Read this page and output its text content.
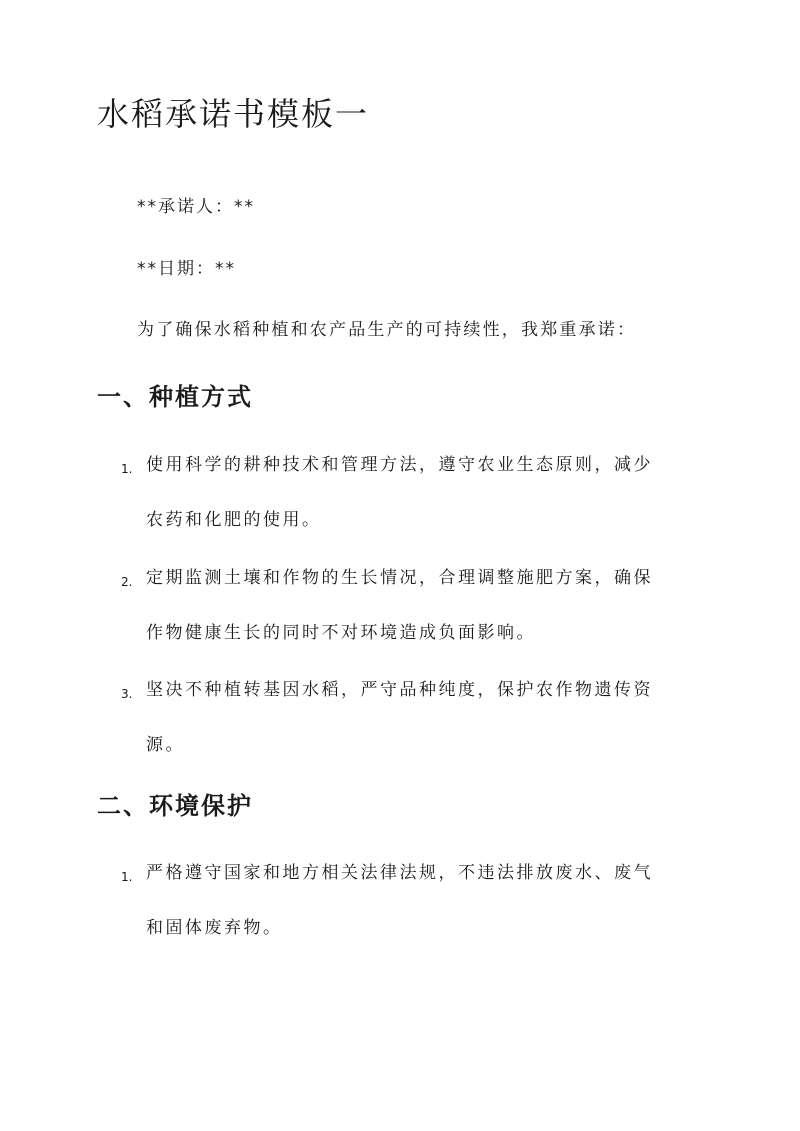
水稻承诺书模板一

**承诺人：**

**日期：**

为了确保水稻种植和农产品生产的可持续性，我郑重承诺：

一、种植方式
1. 使用科学的耕种技术和管理方法，遵守农业生态原则，减少

农药和化肥的使用。

2. 定期监测土壤和作物的生长情况，合理调整施肥方案，确保

作物健康生长的同时不对环境造成负面影响。

3. 坚决不种植转基因水稻，严守品种纯度，保护农作物遗传资

源。

二、环境保护
1. 严格遵守国家和地方相关法律法规，不违法排放废水、废气

和固体废弃物。
